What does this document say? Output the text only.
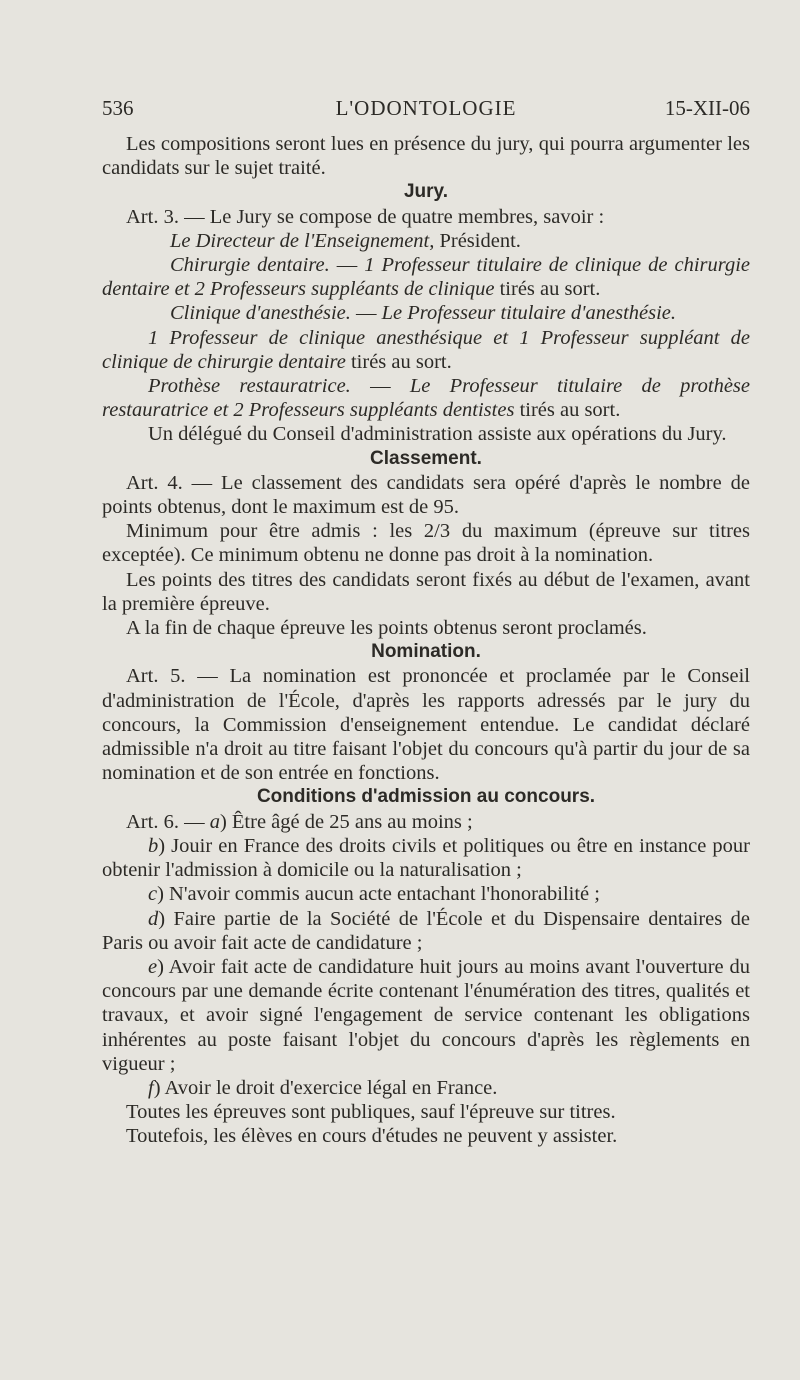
536	L'ODONTOLOGIE	15-XII-06

Les compositions seront lues en présence du jury, qui pourra argumenter les candidats sur le sujet traité.

Jury.

Art. 3. — Le Jury se compose de quatre membres, savoir :

Le Directeur de l'Enseignement, Président.

Chirurgie dentaire. — 1 Professeur titulaire de clinique de chirurgie dentaire et 2 Professeurs suppléants de clinique tirés au sort.

Clinique d'anesthésie. — Le Professeur titulaire d'anesthésie.

1 Professeur de clinique anesthésique et 1 Professeur suppléant de clinique de chirurgie dentaire tirés au sort.

Prothèse restauratrice. — Le Professeur titulaire de prothèse restauratrice et 2 Professeurs suppléants dentistes tirés au sort.

Un délégué du Conseil d'administration assiste aux opérations du Jury.

Classement.

Art. 4. — Le classement des candidats sera opéré d'après le nombre de points obtenus, dont le maximum est de 95.

Minimum pour être admis : les 2/3 du maximum (épreuve sur titres exceptée). Ce minimum obtenu ne donne pas droit à la nomination.

Les points des titres des candidats seront fixés au début de l'examen, avant la première épreuve.

A la fin de chaque épreuve les points obtenus seront proclamés.

Nomination.

Art. 5. — La nomination est prononcée et proclamée par le Conseil d'administration de l'École, d'après les rapports adressés par le jury du concours, la Commission d'enseignement entendue. Le candidat déclaré admissible n'a droit au titre faisant l'objet du concours qu'à partir du jour de sa nomination et de son entrée en fonctions.

Conditions d'admission au concours.

Art. 6. — a) Être âgé de 25 ans au moins ;

b) Jouir en France des droits civils et politiques ou être en instance pour obtenir l'admission à domicile ou la naturalisation ;

c) N'avoir commis aucun acte entachant l'honorabilité ;

d) Faire partie de la Société de l'École et du Dispensaire dentaires de Paris ou avoir fait acte de candidature ;

e) Avoir fait acte de candidature huit jours au moins avant l'ouverture du concours par une demande écrite contenant l'énumération des titres, qualités et travaux, et avoir signé l'engagement de service contenant les obligations inhérentes au poste faisant l'objet du concours d'après les règlements en vigueur ;

f) Avoir le droit d'exercice légal en France.

Toutes les épreuves sont publiques, sauf l'épreuve sur titres.

Toutefois, les élèves en cours d'études ne peuvent y assister.
